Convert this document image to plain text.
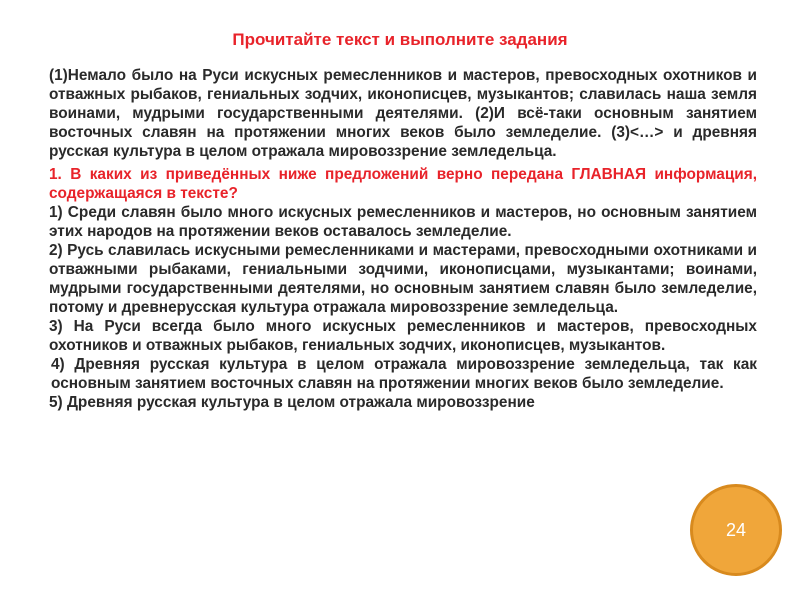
Прочитайте текст и выполните задания

(1)Немало было на Руси искусных ремесленников и мастеров, превосходных охотников и отважных рыбаков, гениальных зодчих, иконописцев, музыкантов; славилась наша земля воинами, мудрыми государственными деятелями. (2)И всё-таки основным занятием восточных славян на протяжении многих веков было земледелие. (3)<…> и древняя русская культура в целом отражала мировоззрение земледельца.

1. В каких из приведённых ниже предложений верно передана ГЛАВНАЯ информация, содержащаяся в тексте?

1) Среди славян было много искусных ремесленников и мастеров, но основным занятием этих народов на протяжении веков оставалось земледелие.

2) Русь славилась искусными ремесленниками и мастерами, превосходными охотниками и отважными рыбаками, гениальными зодчими, иконописцами, музыкантами; воинами, мудрыми государственными деятелями, но основным занятием славян было земледелие, потому и древнерусская культура отражала мировоззрение земледельца.

3) На Руси всегда было много искусных ремесленников и мастеров, превосходных охотников и отважных рыбаков, гениальных зодчих, иконописцев, музыкантов.

4) Древняя русская культура в целом отражала мировоззрение земледельца, так как основным занятием восточных славян на протяжении многих веков было земледелие.

5) Древняя русская культура в целом отражала мировоззрение

24
